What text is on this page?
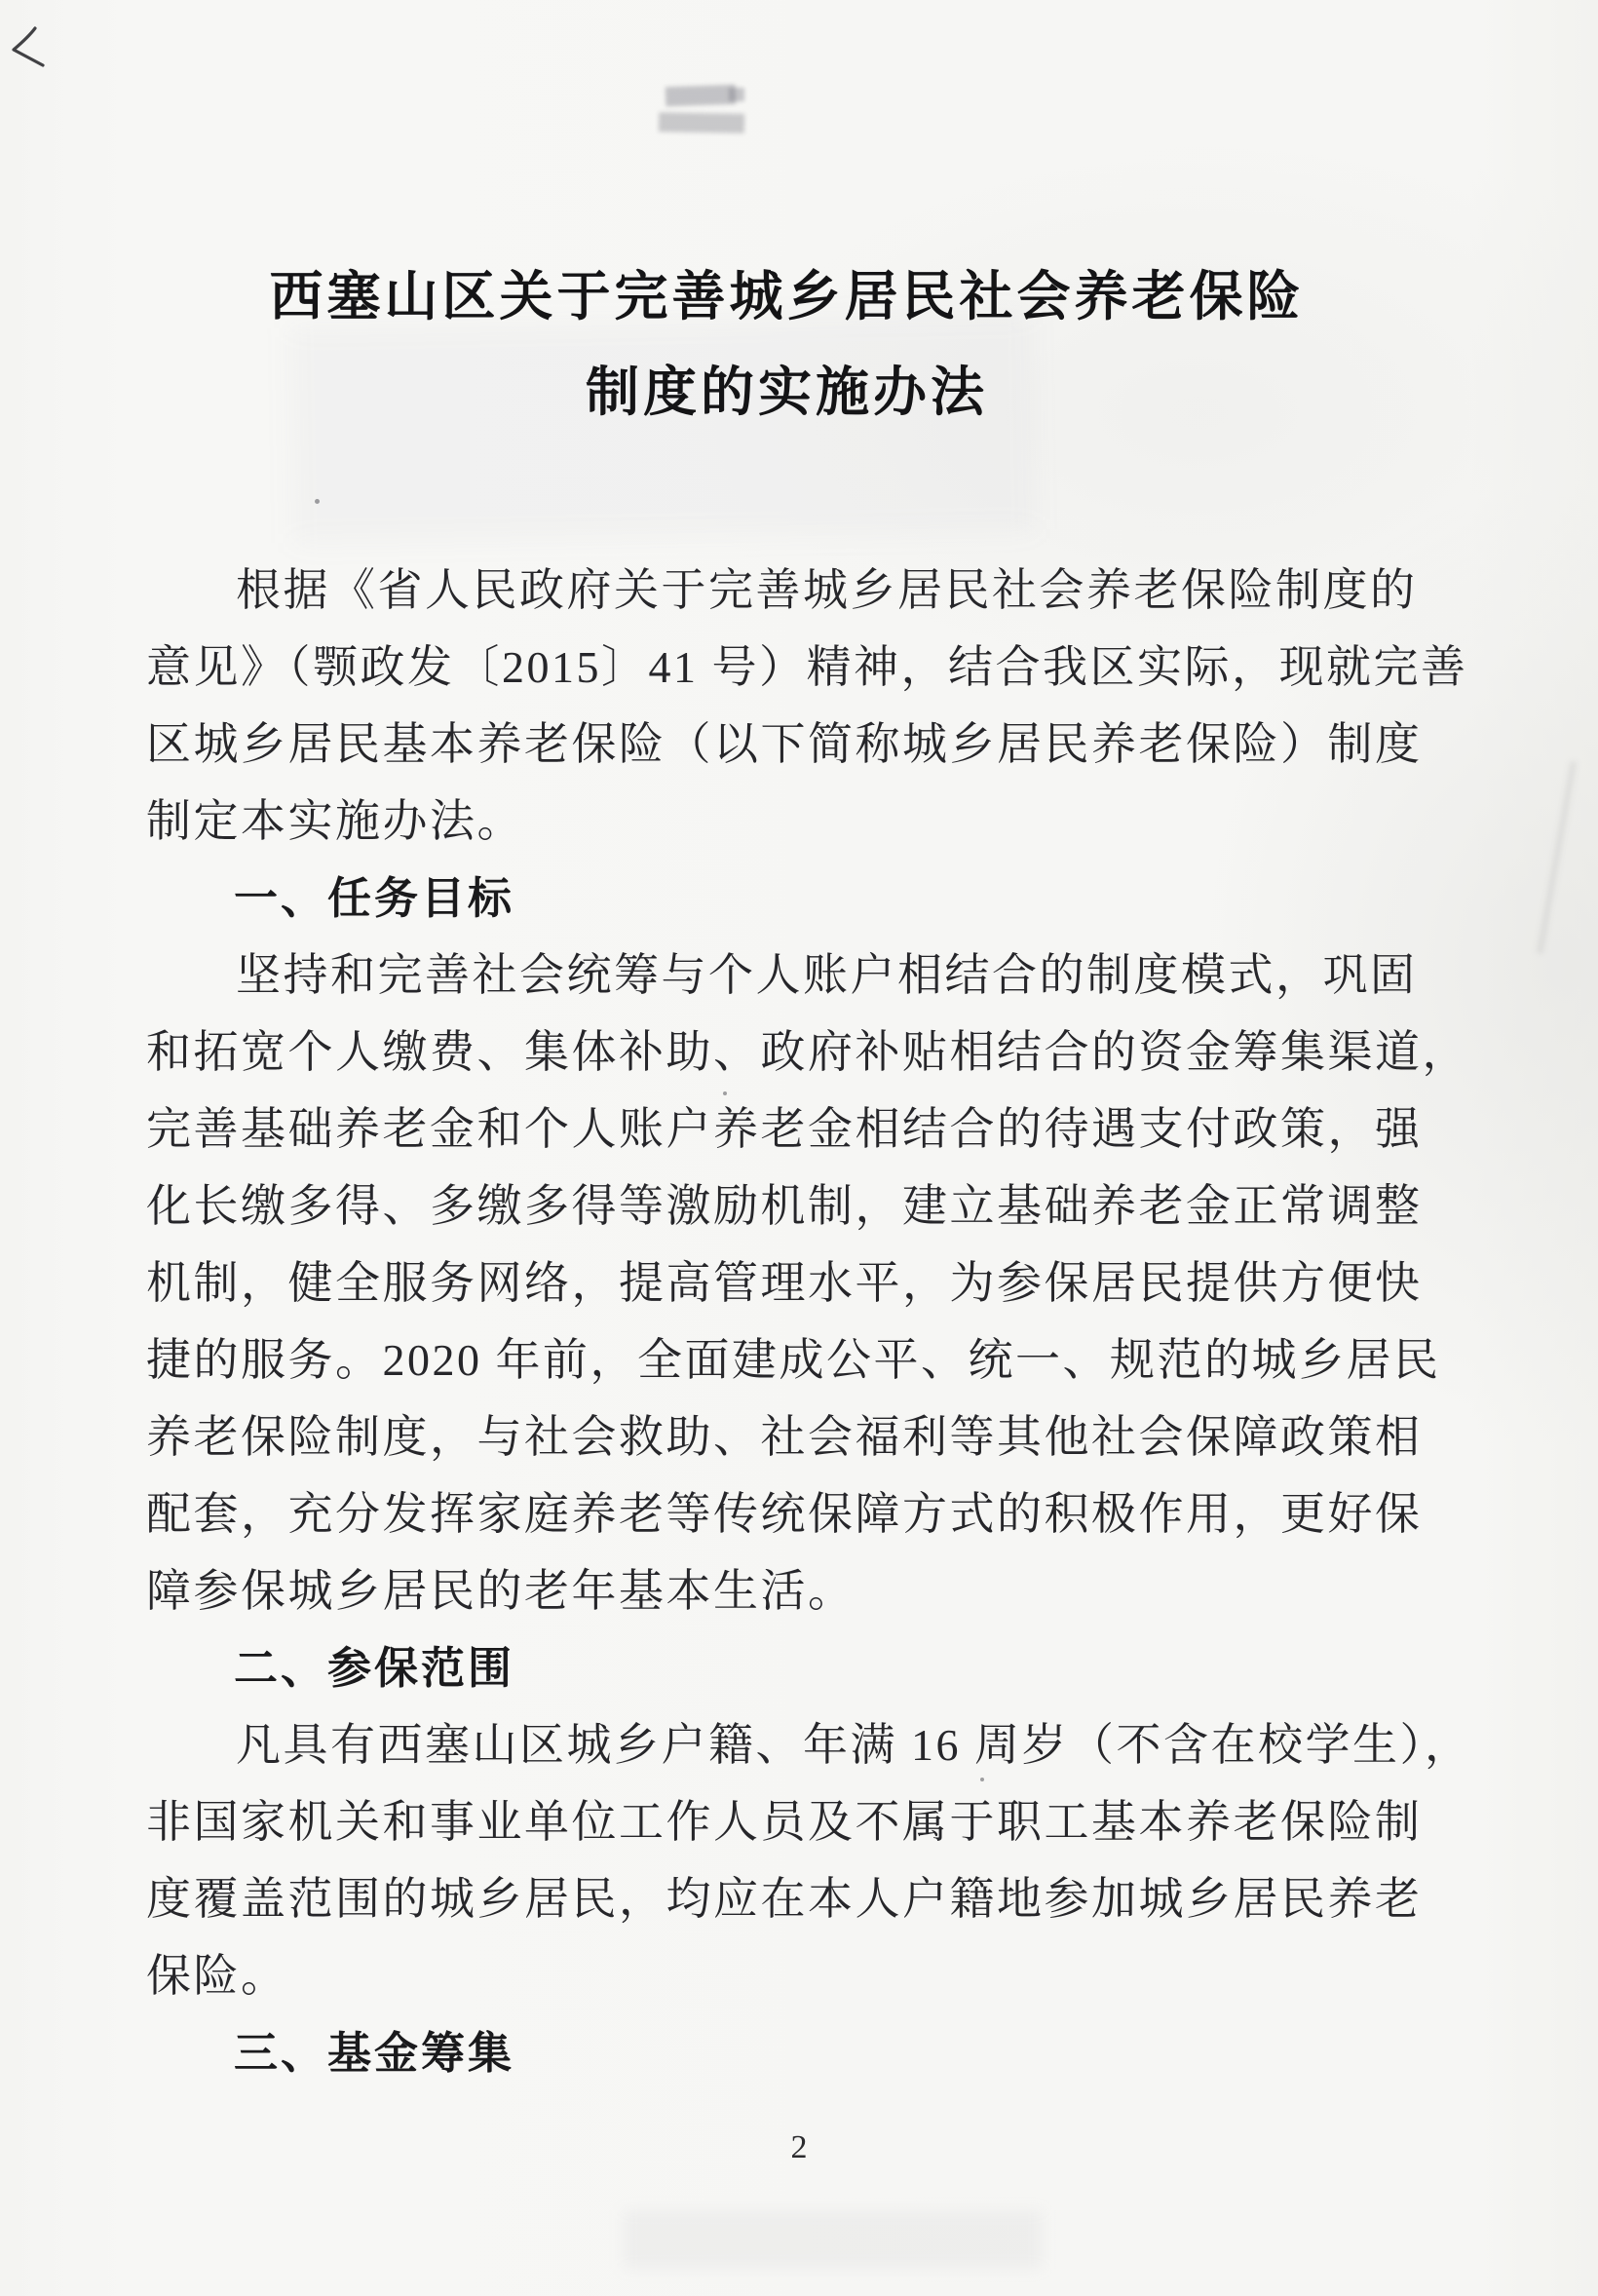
西塞山区关于完善城乡居民社会养老保险
制度的实施办法
根据《省人民政府关于完善城乡居民社会养老保险制度的
意见》（颚政发〔2015〕41 号）精神，结合我区实际，现就完善
区城乡居民基本养老保险（以下简称城乡居民养老保险）制度
制定本实施办法。
一、任务目标
坚持和完善社会统筹与个人账户相结合的制度模式，巩固
和拓宽个人缴费、集体补助、政府补贴相结合的资金筹集渠道，
完善基础养老金和个人账户养老金相结合的待遇支付政策，强
化长缴多得、多缴多得等激励机制，建立基础养老金正常调整
机制，健全服务网络，提高管理水平，为参保居民提供方便快
捷的服务。2020 年前，全面建成公平、统一、规范的城乡居民
养老保险制度，与社会救助、社会福利等其他社会保障政策相
配套，充分发挥家庭养老等传统保障方式的积极作用，更好保
障参保城乡居民的老年基本生活。
二、参保范围
凡具有西塞山区城乡户籍、年满 16 周岁（不含在校学生），
非国家机关和事业单位工作人员及不属于职工基本养老保险制
度覆盖范围的城乡居民，均应在本人户籍地参加城乡居民养老
保险。
三、基金筹集
2
